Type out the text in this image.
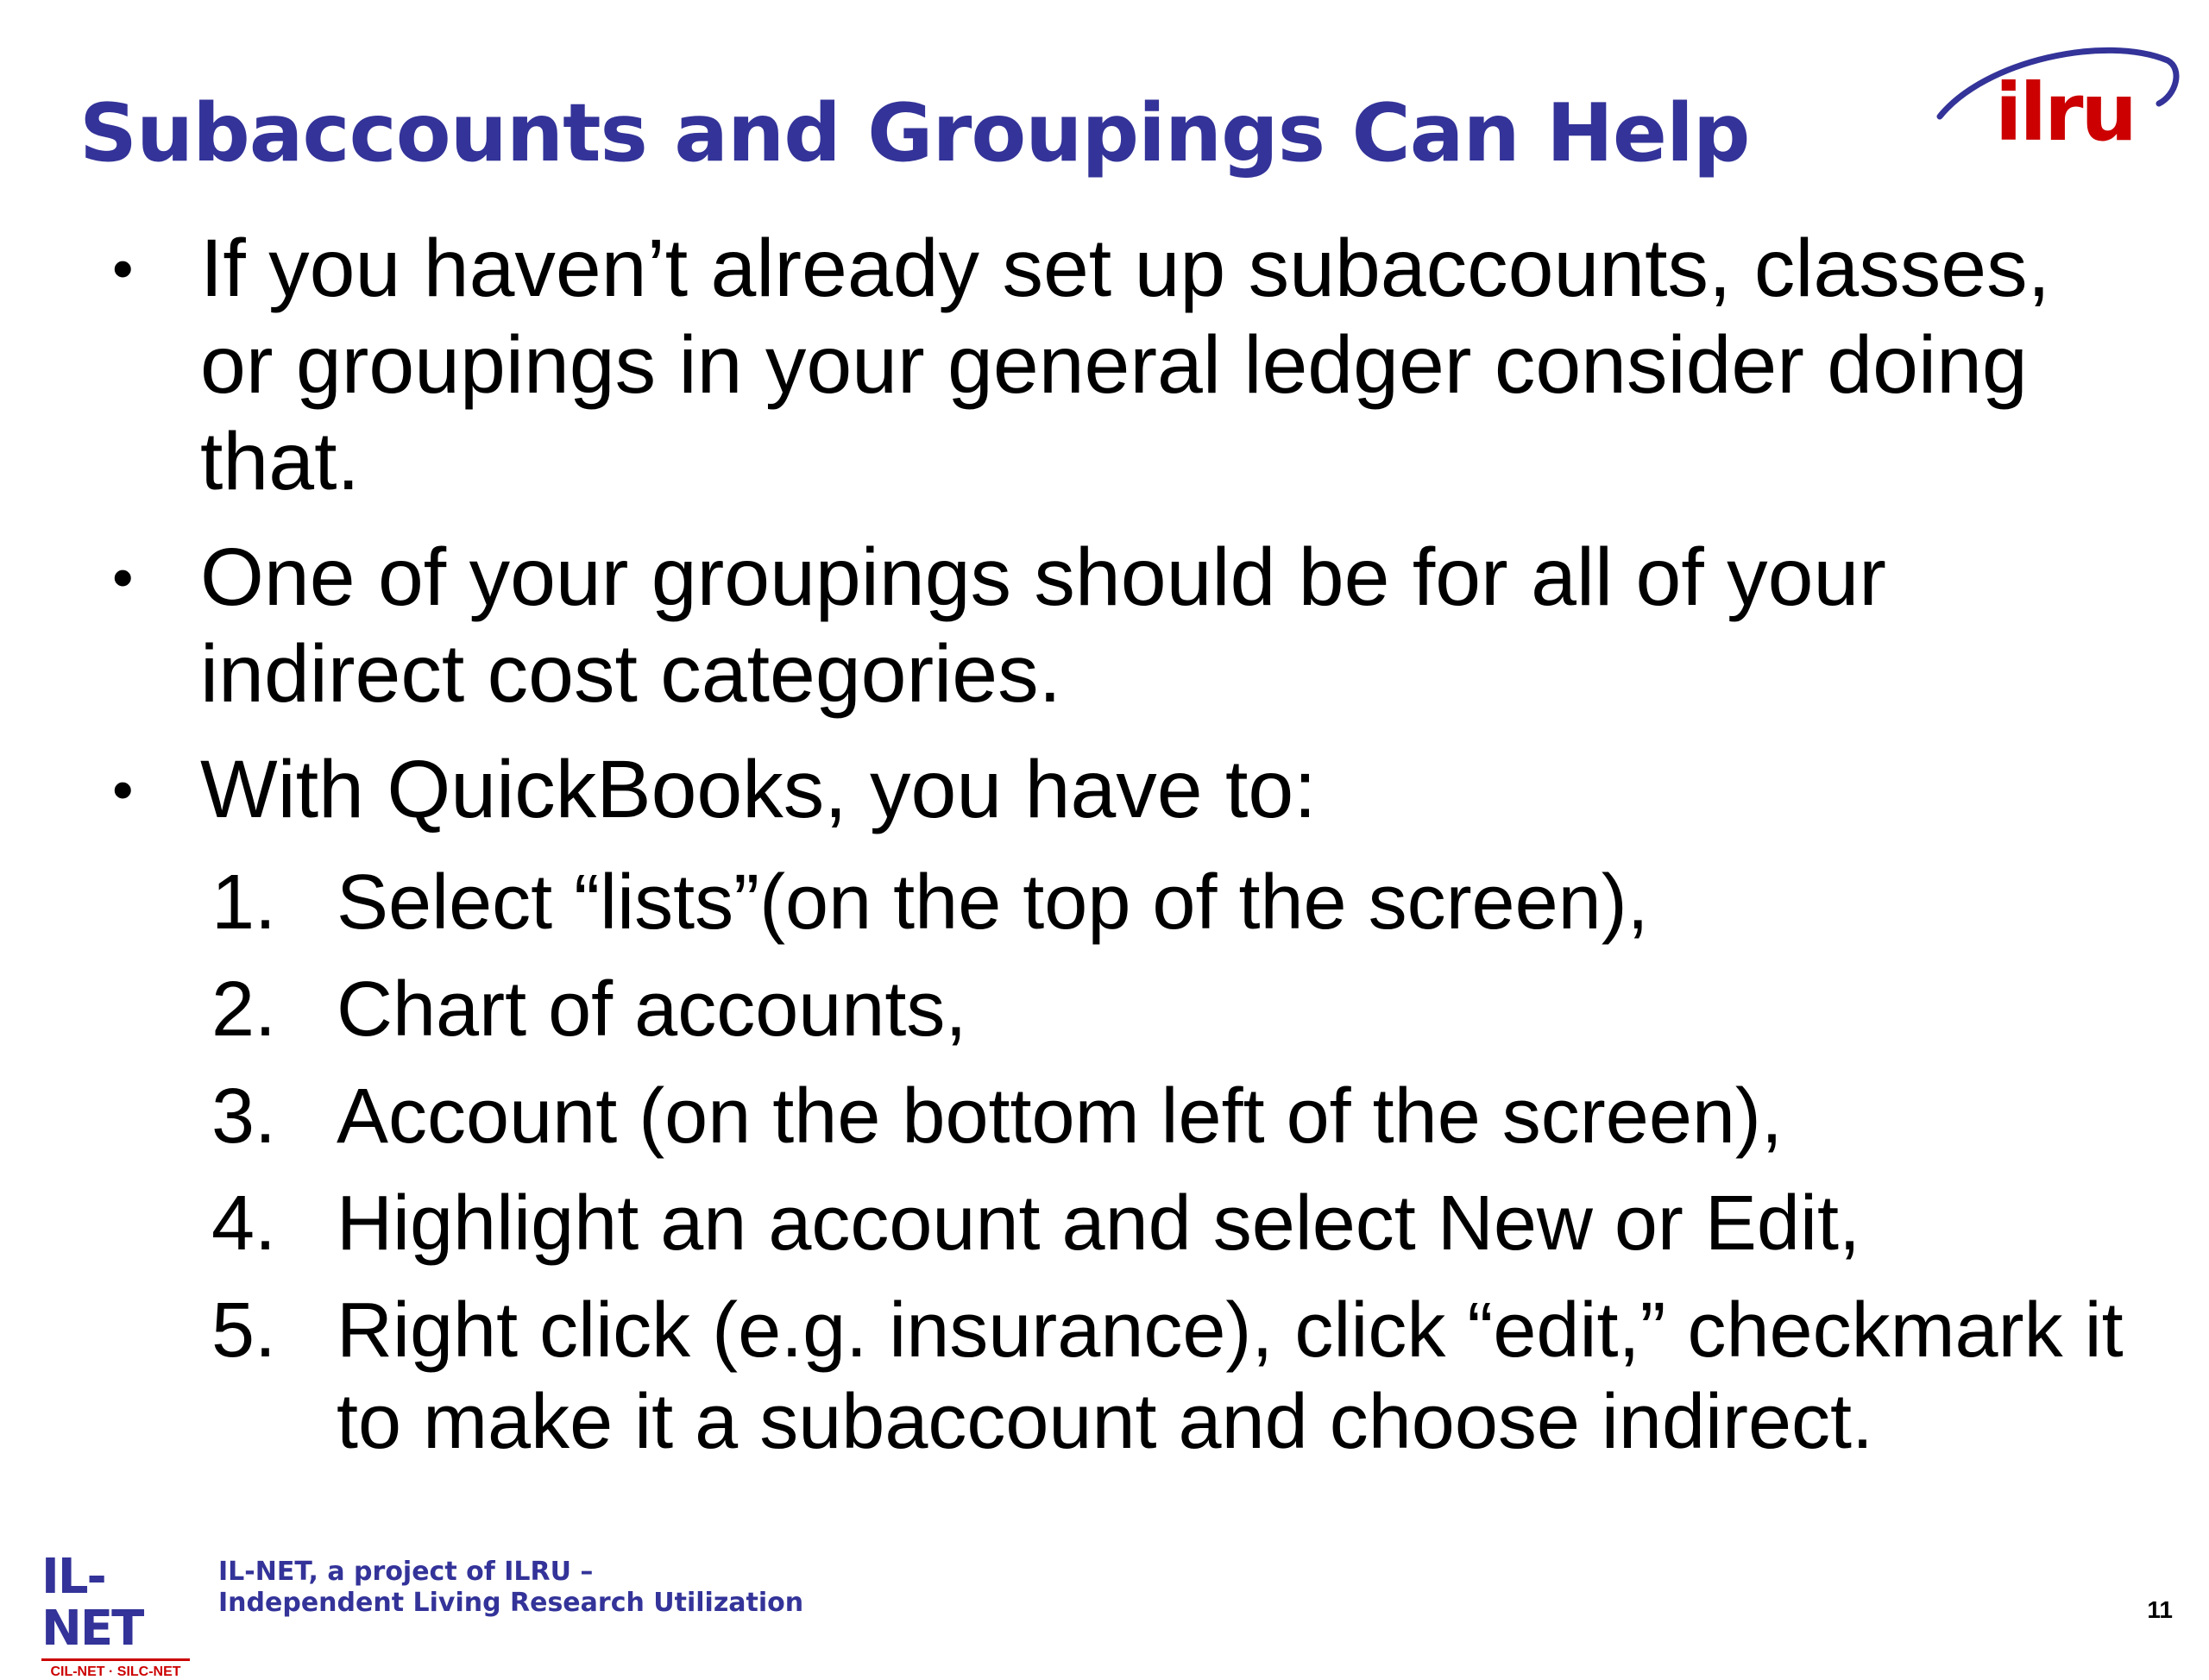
Subaccounts and Groupings Can Help	ilru
• If you haven’t already set up subaccounts, classes, or groupings in your general ledger consider doing that.
• One of your groupings should be for all of your indirect cost categories.
• With QuickBooks, you have to:
1. Select “lists”(on the top of the screen),
2. Chart of accounts,
3. Account (on the bottom left of the screen),
4. Highlight an account and select New or Edit,
5. Right click (e.g. insurance), click “edit,” checkmark it to make it a subaccount and choose indirect.
IL-NET
CIL-NET · SILC-NET
IL-NET, a project of ILRU –
Independent Living Research Utilization	11
